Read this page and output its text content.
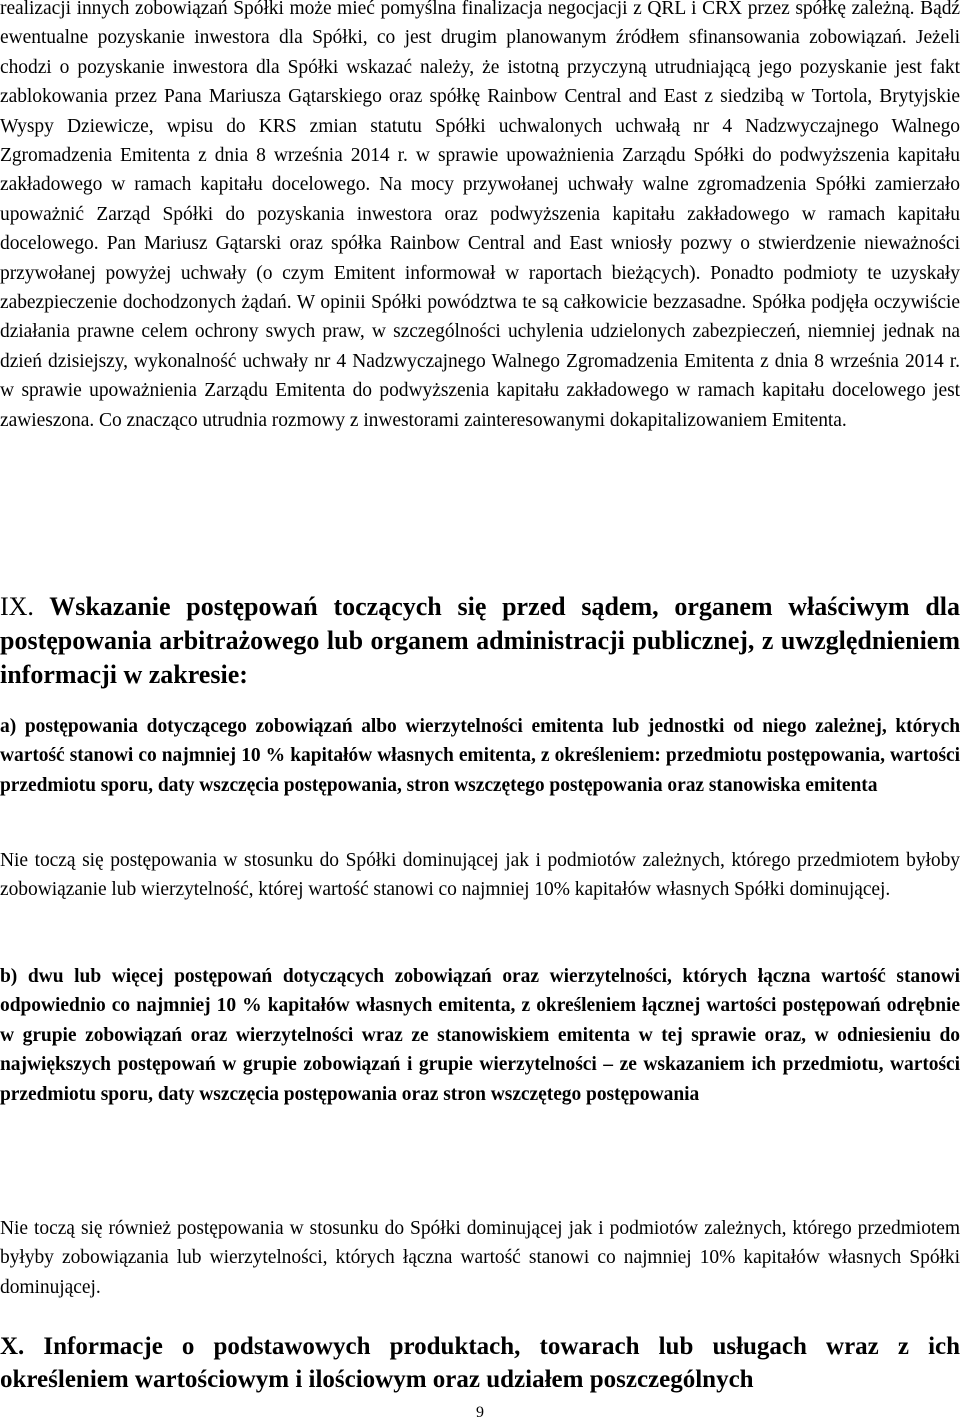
realizacji innych zobowiązań Spółki może mieć pomyślna finalizacja negocjacji z QRL i CRX przez spółkę zależną. Bądź ewentualne pozyskanie inwestora dla Spółki, co jest drugim planowanym źródłem sfinansowania zobowiązań. Jeżeli chodzi o pozyskanie inwestora dla Spółki wskazać należy, że istotną przyczyną utrudniającą jego pozyskanie jest fakt zablokowania przez Pana Mariusza Gątarskiego oraz spółkę Rainbow Central and East z siedzibą w Tortola, Brytyjskie Wyspy Dziewicze, wpisu do KRS zmian statutu Spółki uchwalonych uchwałą nr 4 Nadzwyczajnego Walnego Zgromadzenia Emitenta z dnia 8 września 2014 r. w sprawie upoważnienia Zarządu Spółki do podwyższenia kapitału zakładowego w ramach kapitału docelowego. Na mocy przywołanej uchwały walne zgromadzenia Spółki zamierzało upoważnić Zarząd Spółki do pozyskania inwestora oraz podwyższenia kapitału zakładowego w ramach kapitału docelowego. Pan Mariusz Gątarski oraz spółka Rainbow Central and East wniosły pozwy o stwierdzenie nieważności przywołanej powyżej uchwały (o czym Emitent informował w raportach bieżących). Ponadto podmioty te uzyskały zabezpieczenie dochodzonych żądań. W opinii Spółki powództwa te są całkowicie bezzasadne. Spółka podjęła oczywiście działania prawne celem ochrony swych praw, w szczególności uchylenia udzielonych zabezpieczeń, niemniej jednak na dzień dzisiejszy, wykonalność uchwały nr 4 Nadzwyczajnego Walnego Zgromadzenia Emitenta z dnia 8 września 2014 r. w sprawie upoważnienia Zarządu Emitenta do podwyższenia kapitału zakładowego w ramach kapitału docelowego jest zawieszona. Co znacząco utrudnia rozmowy z inwestorami zainteresowanymi dokapitalizowaniem Emitenta.

IX. Wskazanie postępowań toczących się przed sądem, organem właściwym dla postępowania arbitrażowego lub organem administracji publicznej, z uwzględnieniem informacji w zakresie:

a) postępowania dotyczącego zobowiązań albo wierzytelności emitenta lub jednostki od niego zależnej, których wartość stanowi co najmniej 10 % kapitałów własnych emitenta, z określeniem: przedmiotu postępowania, wartości przedmiotu sporu, daty wszczęcia postępowania, stron wszczętego postępowania oraz stanowiska emitenta

Nie toczą się postępowania w stosunku do Spółki dominującej jak i podmiotów zależnych, którego przedmiotem byłoby zobowiązanie lub wierzytelność, której wartość stanowi co najmniej 10% kapitałów własnych Spółki dominującej.

b) dwu lub więcej postępowań dotyczących zobowiązań oraz wierzytelności, których łączna wartość stanowi odpowiednio co najmniej 10 % kapitałów własnych emitenta, z określeniem łącznej wartości postępowań odrębnie w grupie zobowiązań oraz wierzytelności wraz ze stanowiskiem emitenta w tej sprawie oraz, w odniesieniu do największych postępowań w grupie zobowiązań i grupie wierzytelności – ze wskazaniem ich przedmiotu, wartości przedmiotu sporu, daty wszczęcia postępowania oraz stron wszczętego postępowania

Nie toczą się również postępowania w stosunku do Spółki dominującej jak i podmiotów zależnych, którego przedmiotem byłyby zobowiązania lub wierzytelności, których łączna wartość stanowi co najmniej 10% kapitałów własnych Spółki dominującej.

X. Informacje o podstawowych produktach, towarach lub usługach wraz z ich określeniem wartościowym i ilościowym oraz udziałem poszczególnych

9
